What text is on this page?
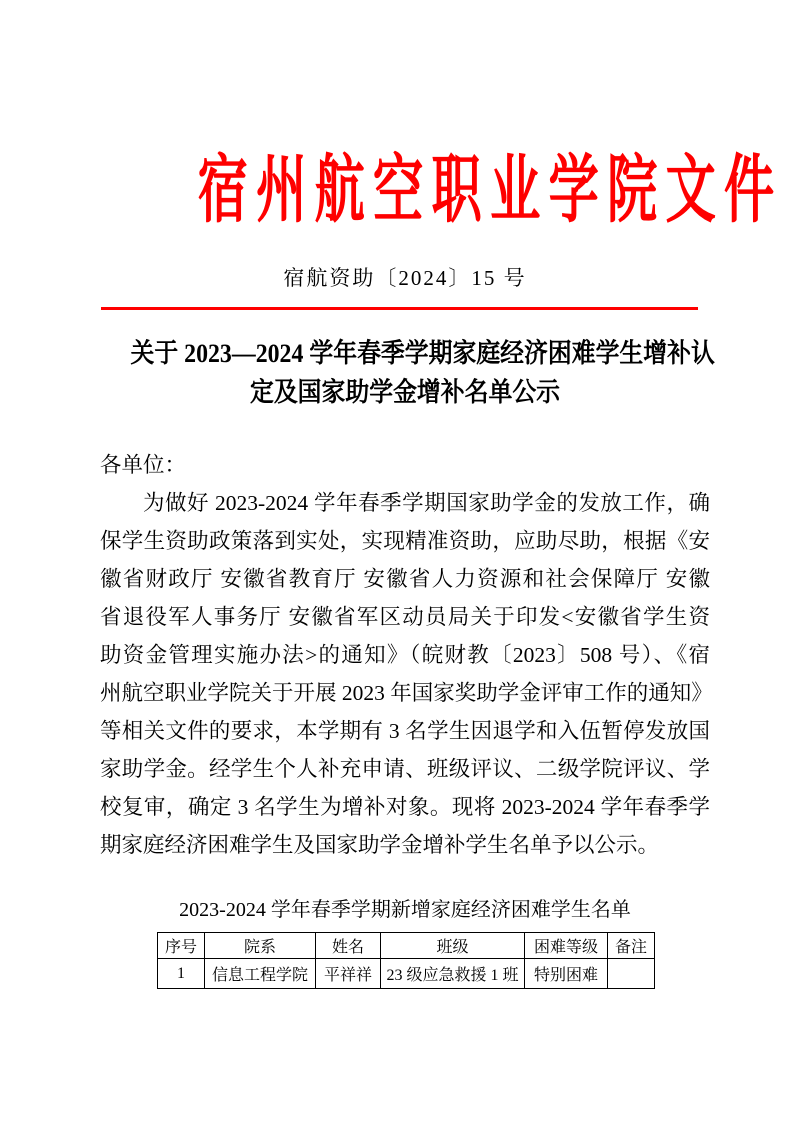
宿州航空职业学院文件
宿航资助〔2024〕15 号
关于 2023—2024 学年春季学期家庭经济困难学生增补认
定及国家助学金增补名单公示
各单位：
为做好 2023-2024 学年春季学期国家助学金的发放工作，确
保学生资助政策落到实处，实现精准资助，应助尽助，根据《安
徽省财政厅 安徽省教育厅 安徽省人力资源和社会保障厅 安徽
省退役军人事务厅 安徽省军区动员局关于印发<安徽省学生资
助资金管理实施办法>的通知》（皖财教〔2023〕508 号）、《宿
州航空职业学院关于开展 2023 年国家奖助学金评审工作的通知》
等相关文件的要求，本学期有 3 名学生因退学和入伍暂停发放国
家助学金。经学生个人补充申请、班级评议、二级学院评议、学
校复审，确定 3 名学生为增补对象。现将 2023-2024 学年春季学
期家庭经济困难学生及国家助学金增补学生名单予以公示。
2023-2024 学年春季学期新增家庭经济困难学生名单
序号	院系	姓名	班级	困难等级	备注
1	信息工程学院	平祥祥	23 级应急救援 1 班	特别困难	
